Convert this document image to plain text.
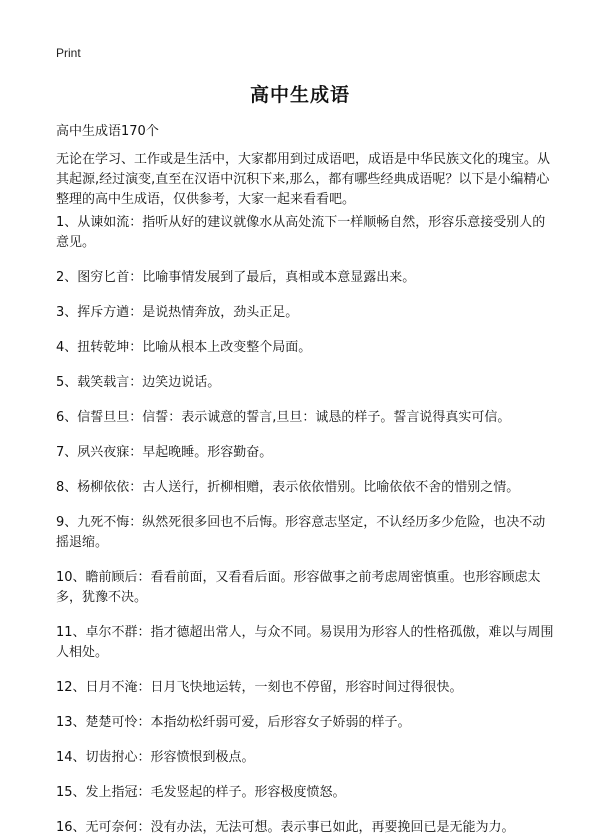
Print
高中生成语
高中生成语170个

无论在学习、工作或是生活中，大家都用到过成语吧，成语是中华民族文化的瑰宝。从其起源,经过演变,直至在汉语中沉积下来,那么，都有哪些经典成语呢？以下是小编精心整理的高中生成语，仅供参考，大家一起来看看吧。

1、从谏如流：指听从好的建议就像水从高处流下一样顺畅自然，形容乐意接受别人的意见。

2、图穷匕首：比喻事情发展到了最后，真相或本意显露出来。

3、挥斥方遒：是说热情奔放，劲头正足。

4、扭转乾坤：比喻从根本上改变整个局面。

5、载笑载言：边笑边说话。

6、信誓旦旦：信誓：表示诚意的誓言,旦旦：诚恳的样子。誓言说得真实可信。

7、夙兴夜寐：早起晚睡。形容勤奋。

8、杨柳依依：古人送行，折柳相赠，表示依依惜别。比喻依依不舍的惜别之情。

9、九死不悔：纵然死很多回也不后悔。形容意志坚定，不认经历多少危险，也决不动摇退缩。

10、瞻前顾后：看看前面，又看看后面。形容做事之前考虑周密慎重。也形容顾虑太多，犹豫不决。

11、卓尔不群：指才德超出常人，与众不同。易误用为形容人的性格孤傲，难以与周围人相处。

12、日月不淹：日月飞快地运转，一刻也不停留，形容时间过得很快。

13、楚楚可怜：本指幼松纤弱可爱，后形容女子娇弱的样子。

14、切齿拊心：形容愤恨到极点。

15、发上指冠：毛发竖起的样子。形容极度愤怒。

16、无可奈何：没有办法，无法可想。表示事已如此，再要挽回已是无能为力。
